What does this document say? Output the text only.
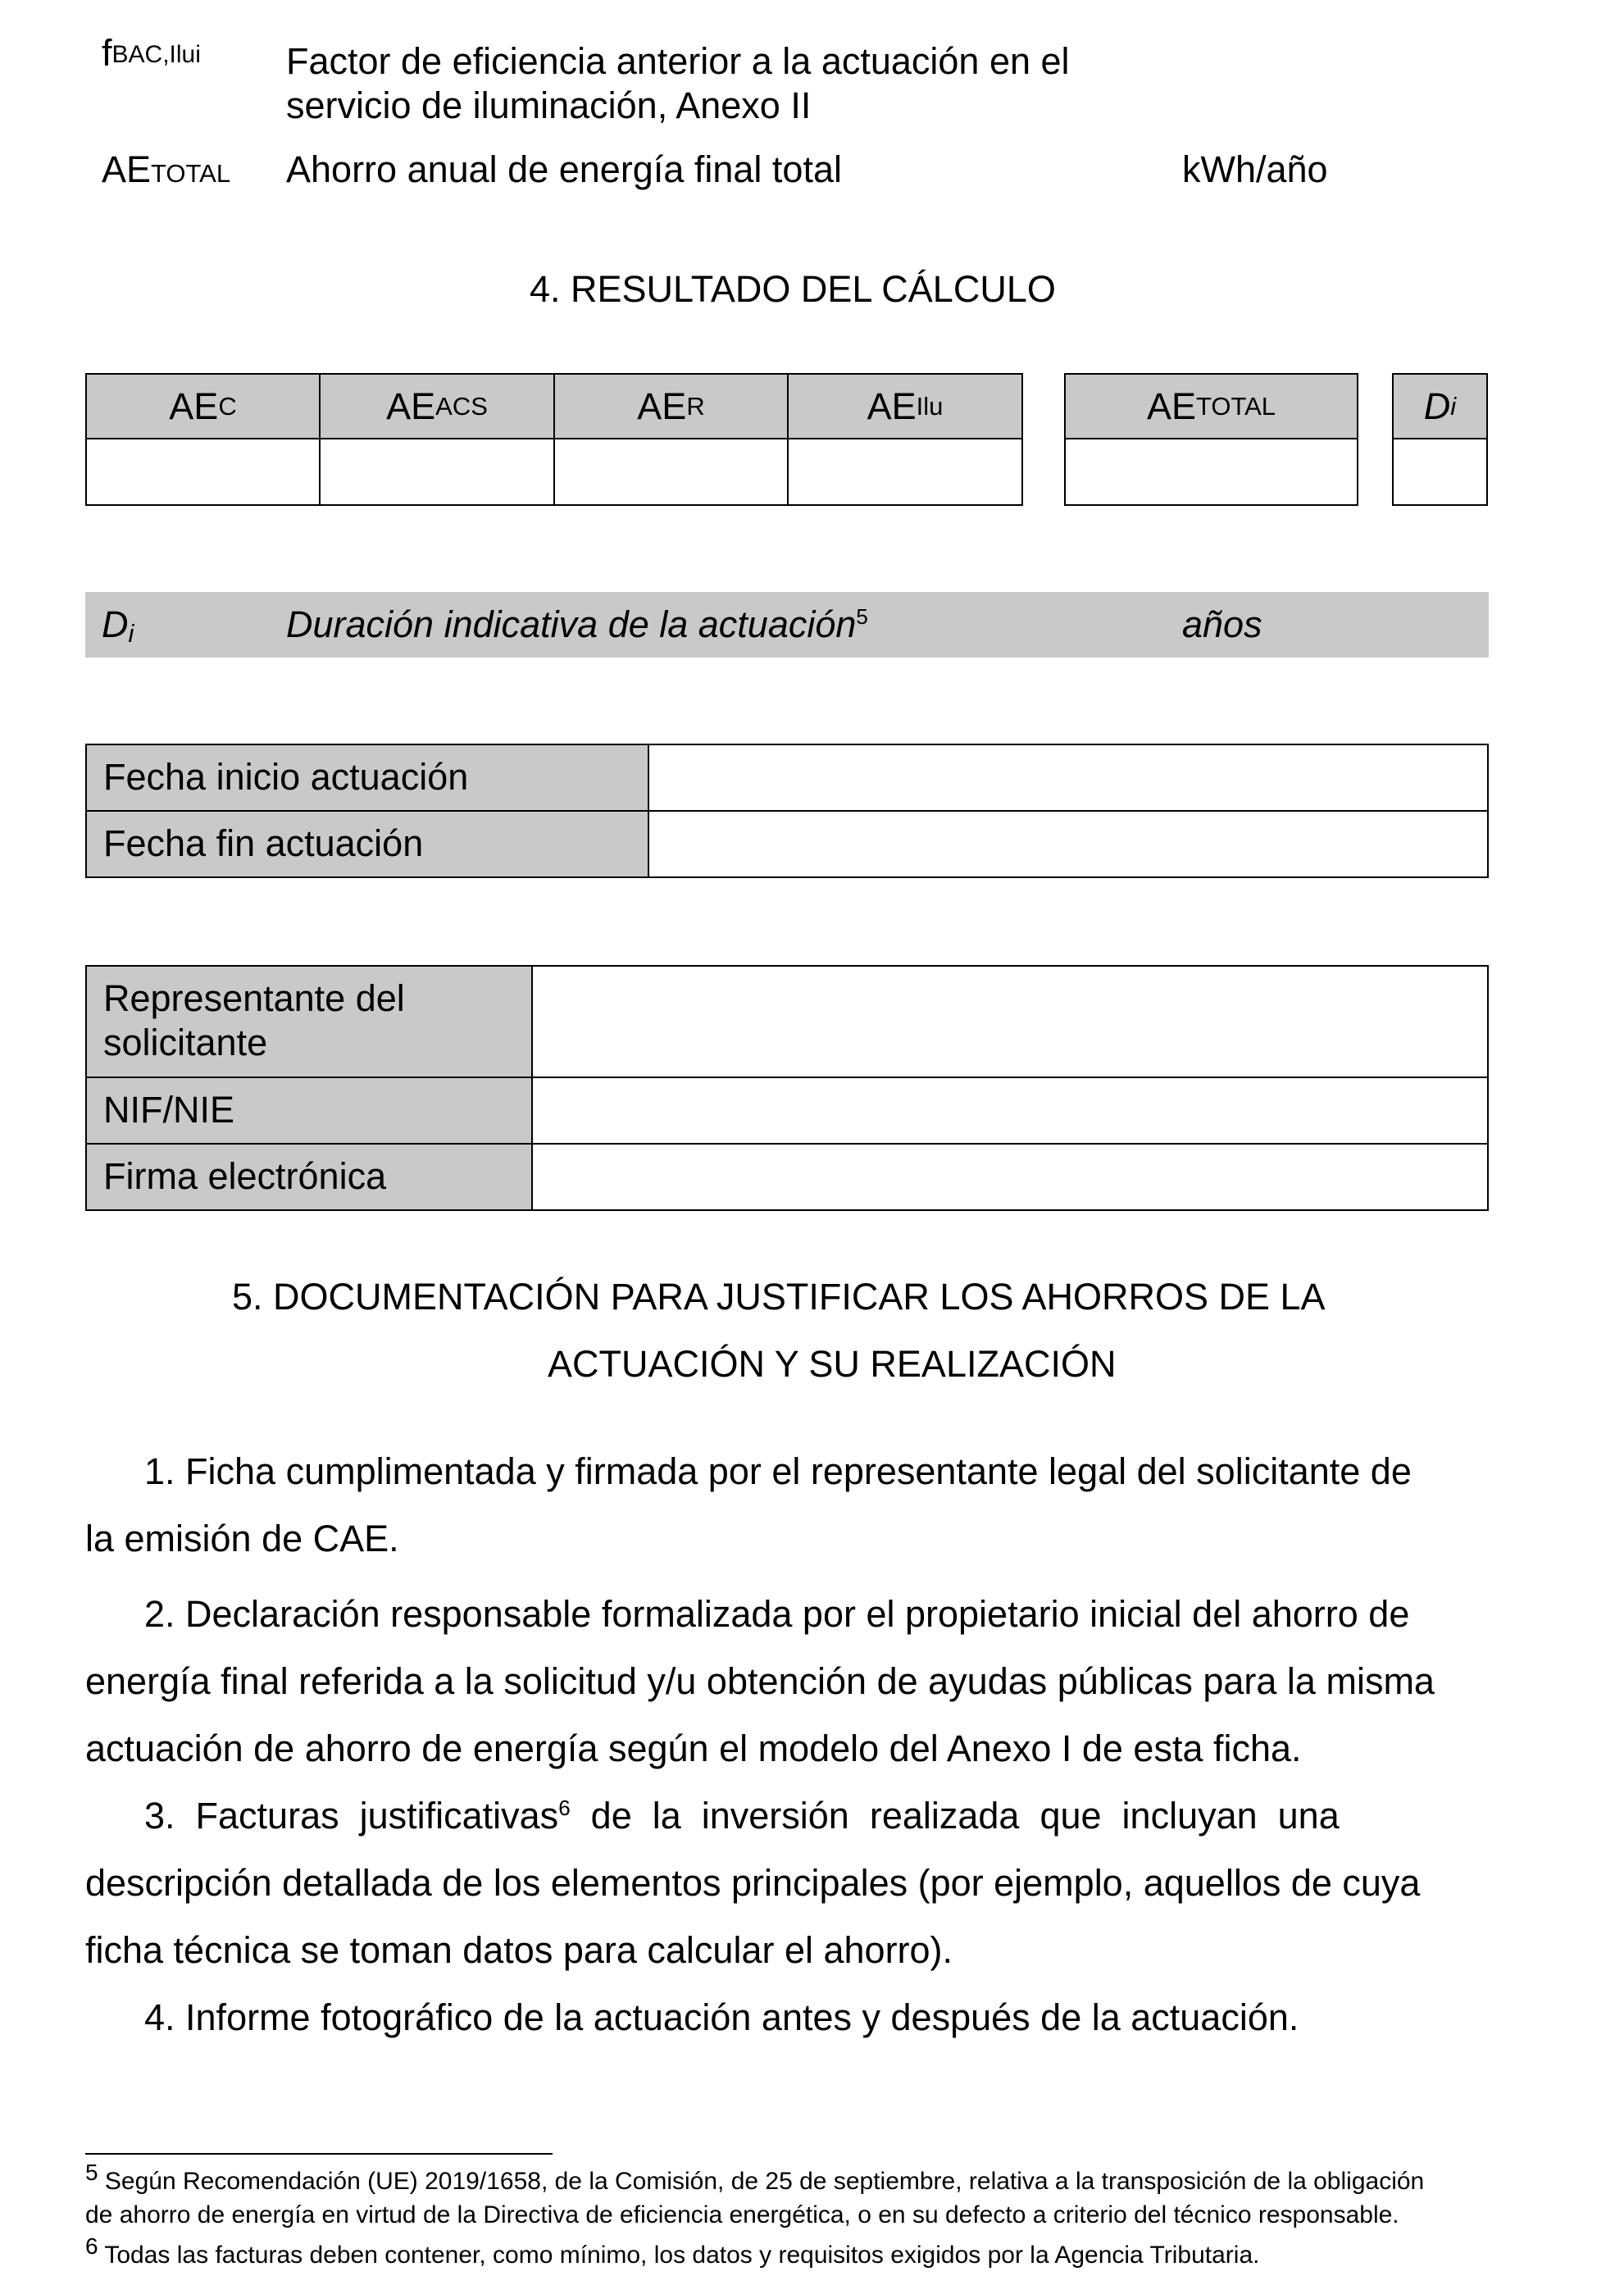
fBAC,Ilui Factor de eficiencia anterior a la actuación en el
servicio de iluminación, Anexo II
AETOTAL Ahorro anual de energía final total	kWh/año
4. RESULTADO DEL CÁLCULO
AE C	AE ACS	AE R	AE Ilu	AE TOTAL	D i
Di	Duración indicativa de la actuación$^5$	años
Fecha inicio actuación
Fecha fin actuación
Representante del
solicitante
NIF/NIE
Firma electrónica
5. DOCUMENTACIÓN PARA JUSTIFICAR LOS AHORROS DE LA
ACTUACIÓN Y SU REALIZACIÓN
1. Ficha cumplimentada y firmada por el representante legal del solicitante de
la emisión de CAE.
2. Declaración responsable formalizada por el propietario inicial del ahorro de
energía final referida a la solicitud y/u obtención de ayudas públicas para la misma
actuación de ahorro de energía según el modelo del Anexo I de esta ficha.
3.  Facturas  justificativas$^6$  de  la  inversión  realizada  que  incluyan  una
descripción detallada de los elementos principales (por ejemplo, aquellos de cuya
ficha técnica se toman datos para calcular el ahorro).
4. Informe fotográfico de la actuación antes y después de la actuación.
5 Según Recomendación (UE) 2019/1658, de la Comisión, de 25 de septiembre, relativa a la transposición de la obligación
de ahorro de energía en virtud de la Directiva de eficiencia energética, o en su defecto a criterio del técnico responsable.
6 Todas las facturas deben contener, como mínimo, los datos y requisitos exigidos por la Agencia Tributaria.
